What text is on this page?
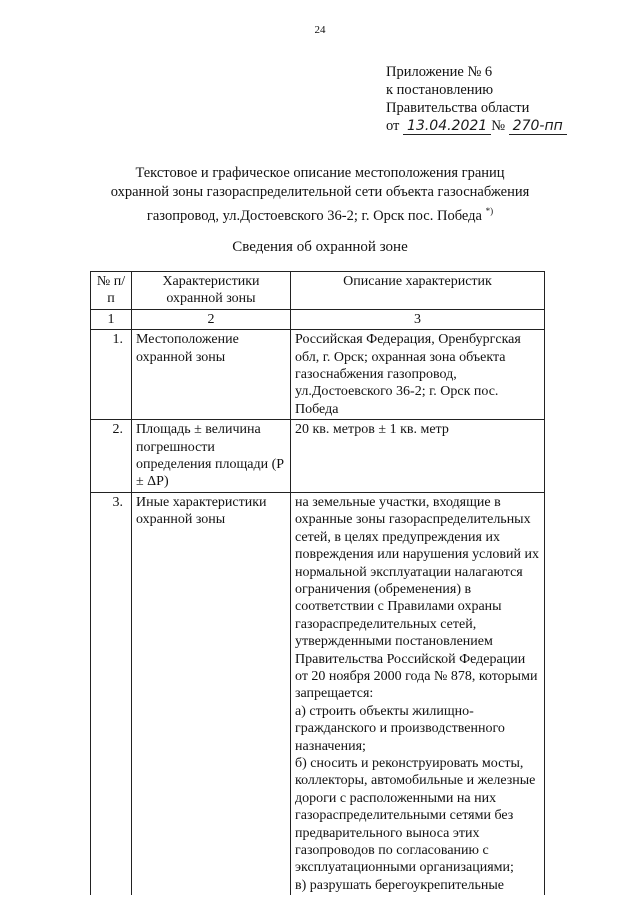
24
Приложение № 6
к постановлению
Правительства области
от 13.04.2021 № 270-пп
Текстовое и графическое описание местоположения границ
охранной зоны газораспределительной сети объекта газоснабжения
газопровод, ул.Достоевского 36-2; г. Орск пос. Победа *)
Сведения об охранной зоне
№ п/п	Характеристики охранной зоны	Описание характеристик
1	2	3
1.	Местоположение охранной зоны	Российская Федерация, Оренбургская обл, г. Орск; охранная зона объекта газоснабжения газопровод, ул.Достоевского 36-2; г. Орск пос. Победа
2.	Площадь ± величина погрешности определения площади (P ± ΔP)	20 кв. метров ± 1 кв. метр
3.	Иные характеристики охранной зоны	на земельные участки, входящие в охранные зоны газораспределительных сетей, в целях предупреждения их повреждения или нарушения условий их нормальной эксплуатации налагаются ограничения (обременения) в соответствии с Правилами охраны газораспределительных сетей, утвержденными постановлением Правительства Российской Федерации от 20 ноября 2000 года № 878, которыми запрещается:
а) строить объекты жилищно-гражданского и производственного назначения;
б) сносить и реконструировать мосты, коллекторы, автомобильные и железные дороги с расположенными на них газораспределительными сетями без предварительного выноса этих газопроводов по согласованию с эксплуатационными организациями;
в) разрушать берегоукрепительные
